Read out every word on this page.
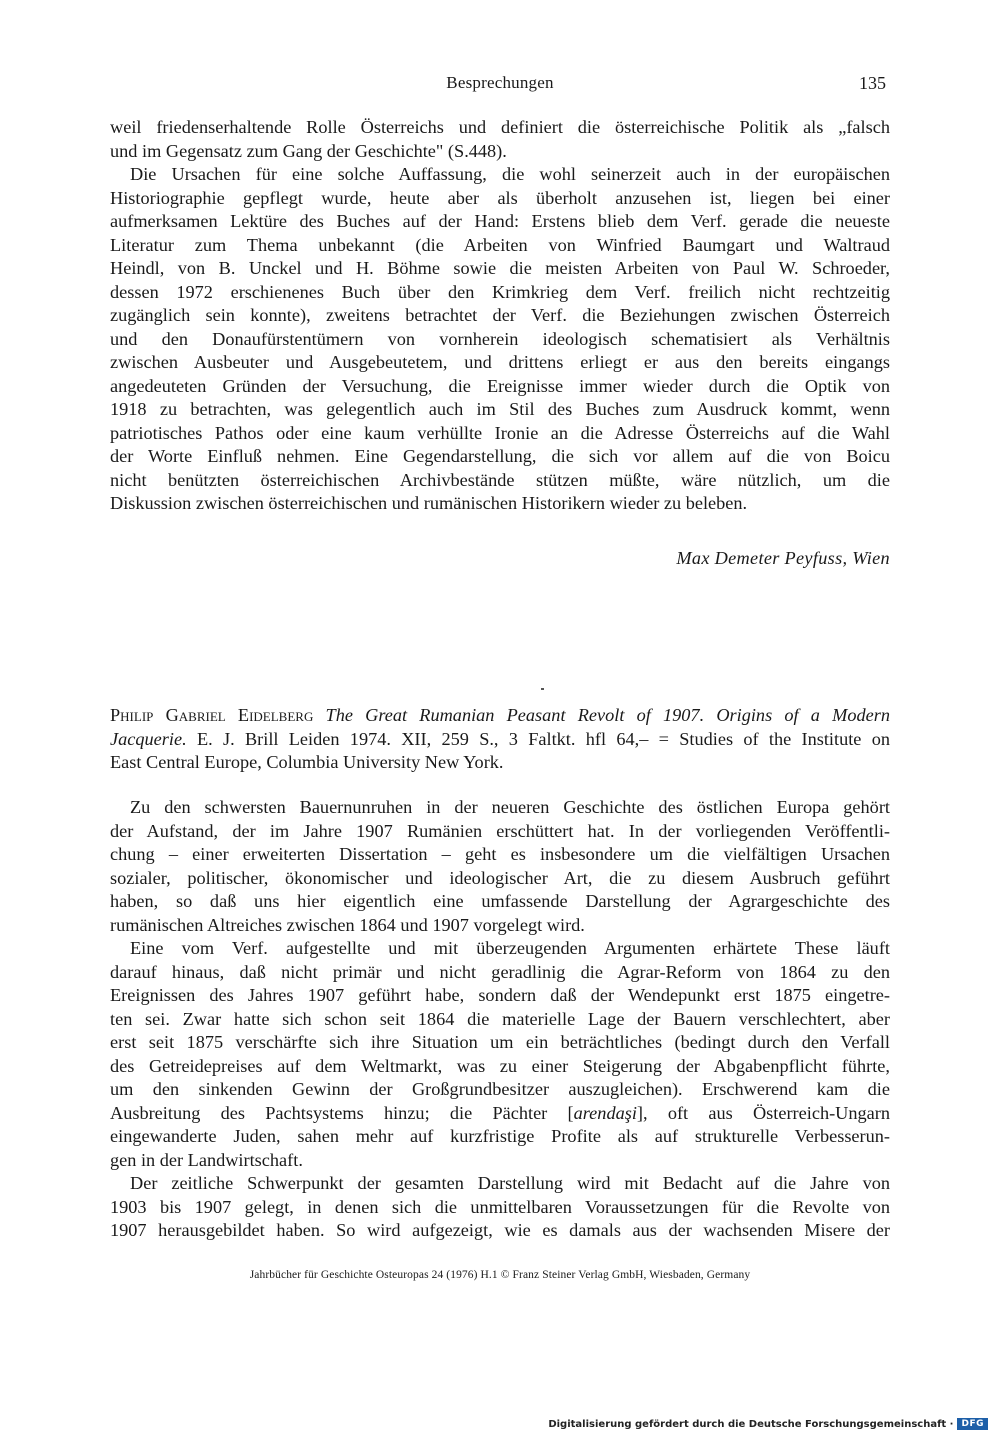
Besprechungen	135
weil friedenserhaltende Rolle Österreichs und definiert die österreichische Politik als „falsch
und im Gegensatz zum Gang der Geschichte" (S.448).
Die Ursachen für eine solche Auffassung, die wohl seinerzeit auch in der europäischen
Historiographie gepflegt wurde, heute aber als überholt anzusehen ist, liegen bei einer
aufmerksamen Lektüre des Buches auf der Hand: Erstens blieb dem Verf. gerade die neueste
Literatur zum Thema unbekannt (die Arbeiten von Winfried Baumgart und Waltraud
Heindl, von B. Unckel und H. Böhme sowie die meisten Arbeiten von Paul W. Schroeder,
dessen 1972 erschienenes Buch über den Krimkrieg dem Verf. freilich nicht rechtzeitig
zugänglich sein konnte), zweitens betrachtet der Verf. die Beziehungen zwischen Österreich
und den Donaufürstentümern von vornherein ideologisch schematisiert als Verhältnis
zwischen Ausbeuter und Ausgebeutetem, und drittens erliegt er aus den bereits eingangs
angedeuteten Gründen der Versuchung, die Ereignisse immer wieder durch die Optik von
1918 zu betrachten, was gelegentlich auch im Stil des Buches zum Ausdruck kommt, wenn
patriotisches Pathos oder eine kaum verhüllte Ironie an die Adresse Österreichs auf die Wahl
der Worte Einfluß nehmen. Eine Gegendarstellung, die sich vor allem auf die von Boicu
nicht benützten österreichischen Archivbestände stützen müßte, wäre nützlich, um die
Diskussion zwischen österreichischen und rumänischen Historikern wieder zu beleben.
Max Demeter Peyfuss, Wien
Philip Gabriel Eidelberg The Great Rumanian Peasant Revolt of 1907. Origins of a Modern
Jacquerie. E. J. Brill Leiden 1974. XII, 259 S., 3 Faltkt. hfl 64,– = Studies of the Institute on
East Central Europe, Columbia University New York.
Zu den schwersten Bauernunruhen in der neueren Geschichte des östlichen Europa gehört
der Aufstand, der im Jahre 1907 Rumänien erschüttert hat. In der vorliegenden Veröffentli-
chung – einer erweiterten Dissertation – geht es insbesondere um die vielfältigen Ursachen
sozialer, politischer, ökonomischer und ideologischer Art, die zu diesem Ausbruch geführt
haben, so daß uns hier eigentlich eine umfassende Darstellung der Agrargeschichte des
rumänischen Altreiches zwischen 1864 und 1907 vorgelegt wird.
Eine vom Verf. aufgestellte und mit überzeugenden Argumenten erhärtete These läuft
darauf hinaus, daß nicht primär und nicht geradlinig die Agrar-Reform von 1864 zu den
Ereignissen des Jahres 1907 geführt habe, sondern daß der Wendepunkt erst 1875 eingetre-
ten sei. Zwar hatte sich schon seit 1864 die materielle Lage der Bauern verschlechtert, aber
erst seit 1875 verschärfte sich ihre Situation um ein beträchtliches (bedingt durch den Verfall
des Getreidepreises auf dem Weltmarkt, was zu einer Steigerung der Abgabenpflicht führte,
um den sinkenden Gewinn der Großgrundbesitzer auszugleichen). Erschwerend kam die
Ausbreitung des Pachtsystems hinzu; die Pächter [arendaşi], oft aus Österreich-Ungarn
eingewanderte Juden, sahen mehr auf kurzfristige Profite als auf strukturelle Verbesserun-
gen in der Landwirtschaft.
Der zeitliche Schwerpunkt der gesamten Darstellung wird mit Bedacht auf die Jahre von
1903 bis 1907 gelegt, in denen sich die unmittelbaren Voraussetzungen für die Revolte von
1907 herausgebildet haben. So wird aufgezeigt, wie es damals aus der wachsenden Misere der
Jahrbücher für Geschichte Osteuropas 24 (1976) H.1 © Franz Steiner Verlag GmbH, Wiesbaden, Germany
Digitalisierung gefördert durch die Deutsche Forschungsgemeinschaft · DFG
